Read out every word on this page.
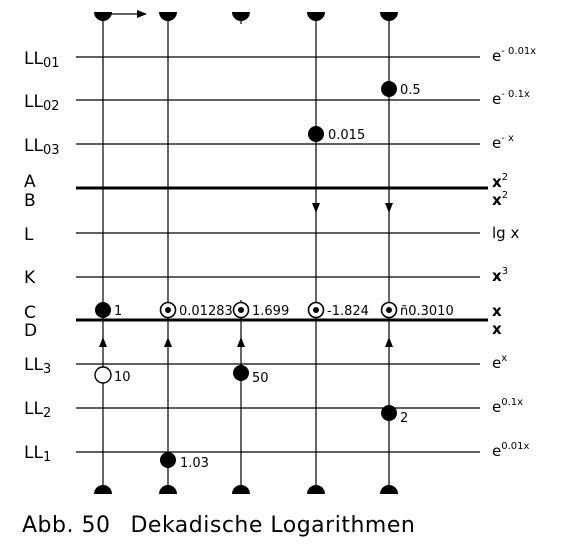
LL01
LL02
LL03
A
B
L
K
C
D
LL3
LL2
LL1
$e^{- 0.01x}$
$e^{- 0.1x}$
$e^{- x}$
$x^2$
$x^2$
lg x
$x^3$
x
x
$e^x$
$e^{0.1x}$
$e^{0.01x}$
1
10
1.03
0.01283
50
1.699
0.015
-1.824
0.5
ñ0.3010
2
Abb. 50 Dekadische Logarithmen
